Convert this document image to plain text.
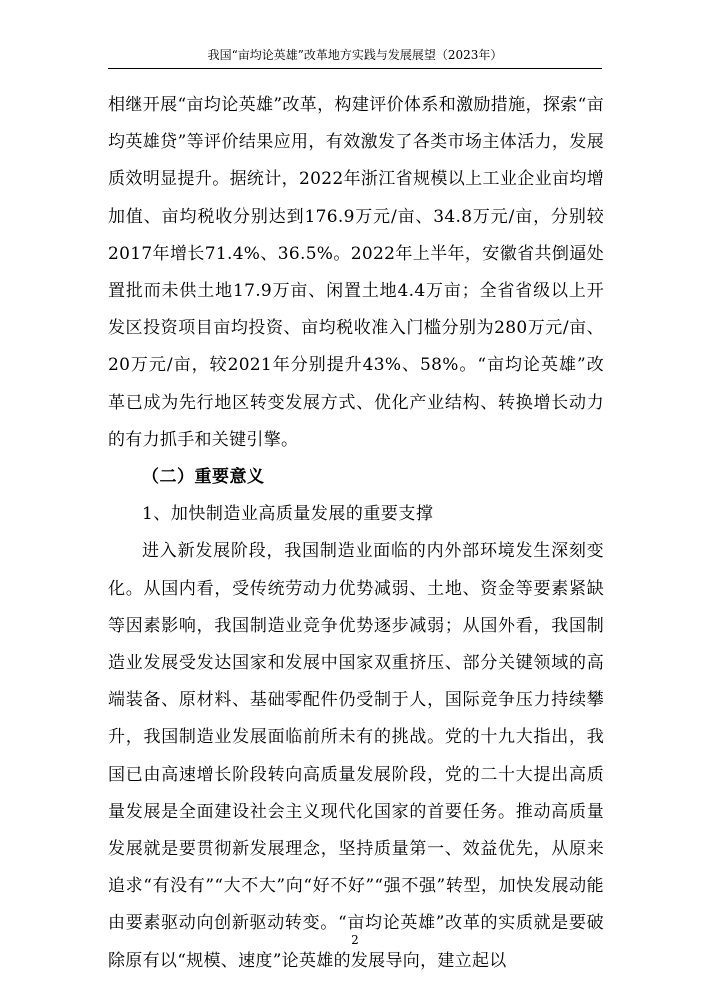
我国“亩均论英雄”改革地方实践与发展展望（2023年）

相继开展“亩均论英雄”改革，构建评价体系和激励措施，探索“亩均英雄贷”等评价结果应用，有效激发了各类市场主体活力，发展质效明显提升。据统计，2022年浙江省规模以上工业企业亩均增加值、亩均税收分别达到176.9万元/亩、34.8万元/亩，分别较2017年增长71.4%、36.5%。2022年上半年，安徽省共倒逼处置批而未供土地17.9万亩、闲置土地4.4万亩；全省省级以上开发区投资项目亩均投资、亩均税收准入门槛分别为280万元/亩、20万元/亩，较2021年分别提升43%、58%。“亩均论英雄”改革已成为先行地区转变发展方式、优化产业结构、转换增长动力的有力抓手和关键引擎。

（二）重要意义

1、加快制造业高质量发展的重要支撑

进入新发展阶段，我国制造业面临的内外部环境发生深刻变化。从国内看，受传统劳动力优势减弱、土地、资金等要素紧缺等因素影响，我国制造业竞争优势逐步减弱；从国外看，我国制造业发展受发达国家和发展中国家双重挤压、部分关键领域的高端装备、原材料、基础零配件仍受制于人，国际竞争压力持续攀升，我国制造业发展面临前所未有的挑战。党的十九大指出，我国已由高速增长阶段转向高质量发展阶段，党的二十大提出高质量发展是全面建设社会主义现代化国家的首要任务。推动高质量发展就是要贯彻新发展理念，坚持质量第一、效益优先，从原来追求“有没有”“大不大”向“好不好”“强不强”转型，加快发展动能由要素驱动向创新驱动转变。“亩均论英雄”改革的实质就是要破除原有以“规模、速度”论英雄的发展导向，建立起以

2
